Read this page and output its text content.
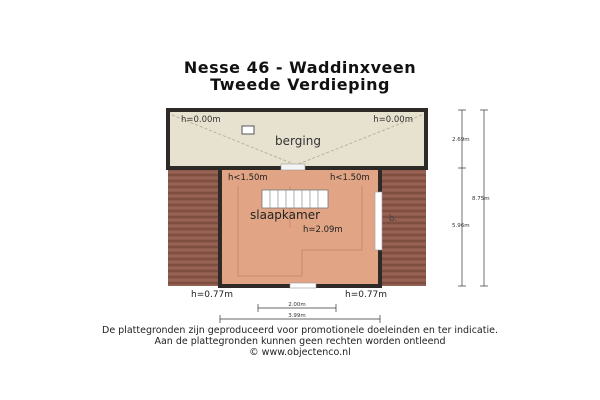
Nesse 46 - Waddinxveen
Tweede Verdieping
berging
h=0.00m	h=0.00m
slaapkamer
h<1.50m	h<1.50m
h=2.09m
b.
h=0.77m	h=0.77m
2.00m
3.99m
2.69m
5.96m
8.75m
De plattegronden zijn geproduceerd voor promotionele doeleinden en ter indicatie.
Aan de plattegronden kunnen geen rechten worden ontleend
© www.objectenco.nl
